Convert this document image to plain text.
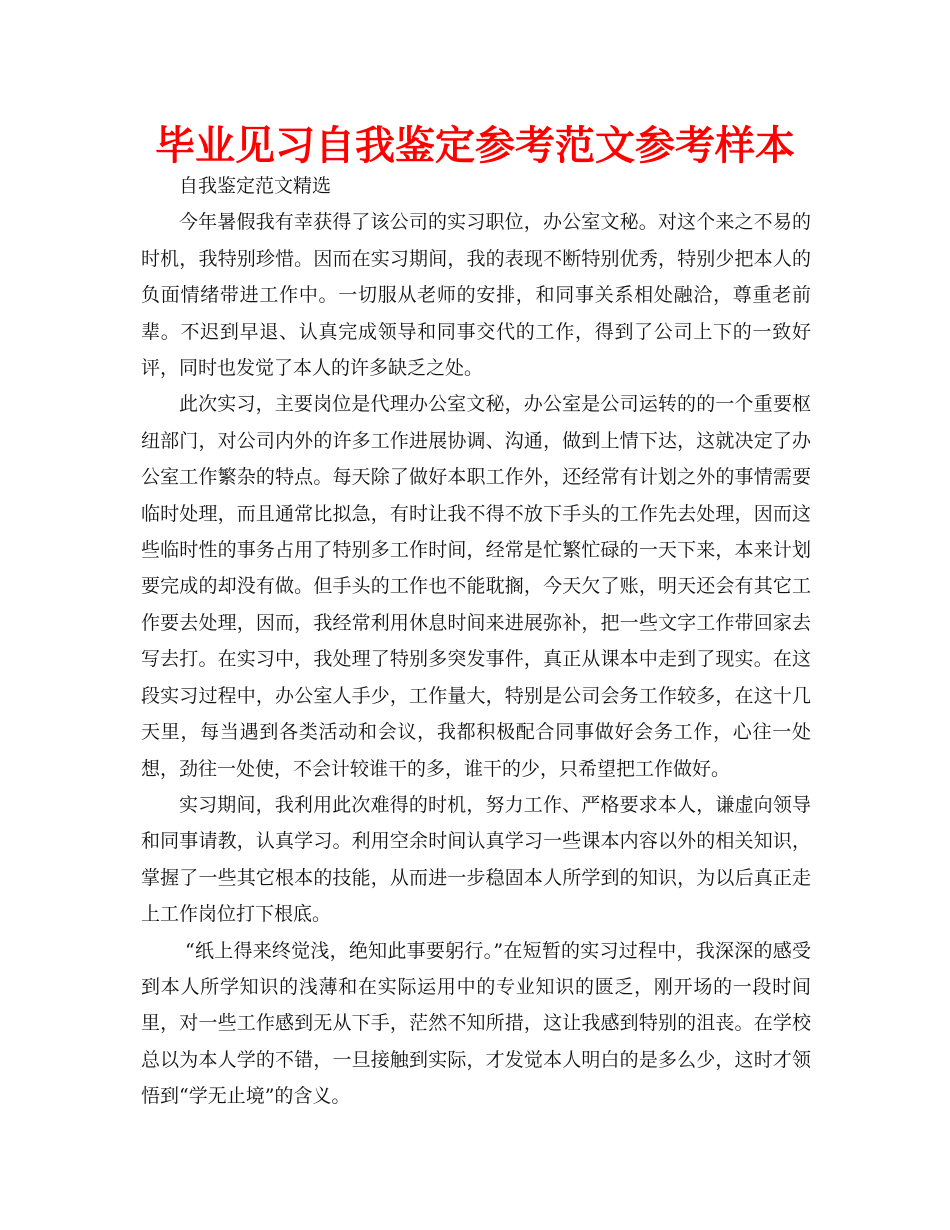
毕业见习自我鉴定参考范文参考样本

自我鉴定范文精选

今年暑假我有幸获得了该公司的实习职位，办公室文秘。对这个来之不易的时机，我特别珍惜。因而在实习期间，我的表现不断特别优秀，特别少把本人的负面情绪带进工作中。一切服从老师的安排，和同事关系相处融洽，尊重老前辈。不迟到早退、认真完成领导和同事交代的工作，得到了公司上下的一致好评，同时也发觉了本人的许多缺乏之处。

此次实习，主要岗位是代理办公室文秘，办公室是公司运转的的一个重要枢纽部门，对公司内外的许多工作进展协调、沟通，做到上情下达，这就决定了办公室工作繁杂的特点。每天除了做好本职工作外，还经常有计划之外的事情需要临时处理，而且通常比拟急，有时让我不得不放下手头的工作先去处理，因而这些临时性的事务占用了特别多工作时间，经常是忙繁忙碌的一天下来，本来计划要完成的却没有做。但手头的工作也不能耽搁，今天欠了账，明天还会有其它工作要去处理，因而，我经常利用休息时间来进展弥补，把一些文字工作带回家去写去打。在实习中，我处理了特别多突发事件，真正从课本中走到了现实。在这段实习过程中，办公室人手少，工作量大，特别是公司会务工作较多，在这十几天里，每当遇到各类活动和会议，我都积极配合同事做好会务工作，心往一处想，劲往一处使，不会计较谁干的多，谁干的少，只希望把工作做好。

实习期间，我利用此次难得的时机，努力工作、严格要求本人，谦虚向领导和同事请教，认真学习。利用空余时间认真学习一些课本内容以外的相关知识，掌握了一些其它根本的技能，从而进一步稳固本人所学到的知识，为以后真正走上工作岗位打下根底。

“纸上得来终觉浅，绝知此事要躬行。”在短暂的实习过程中，我深深的感受到本人所学知识的浅薄和在实际运用中的专业知识的匮乏，刚开场的一段时间里，对一些工作感到无从下手，茫然不知所措，这让我感到特别的沮丧。在学校总以为本人学的不错，一旦接触到实际，才发觉本人明白的是多么少，这时才领悟到“学无止境”的含义。
